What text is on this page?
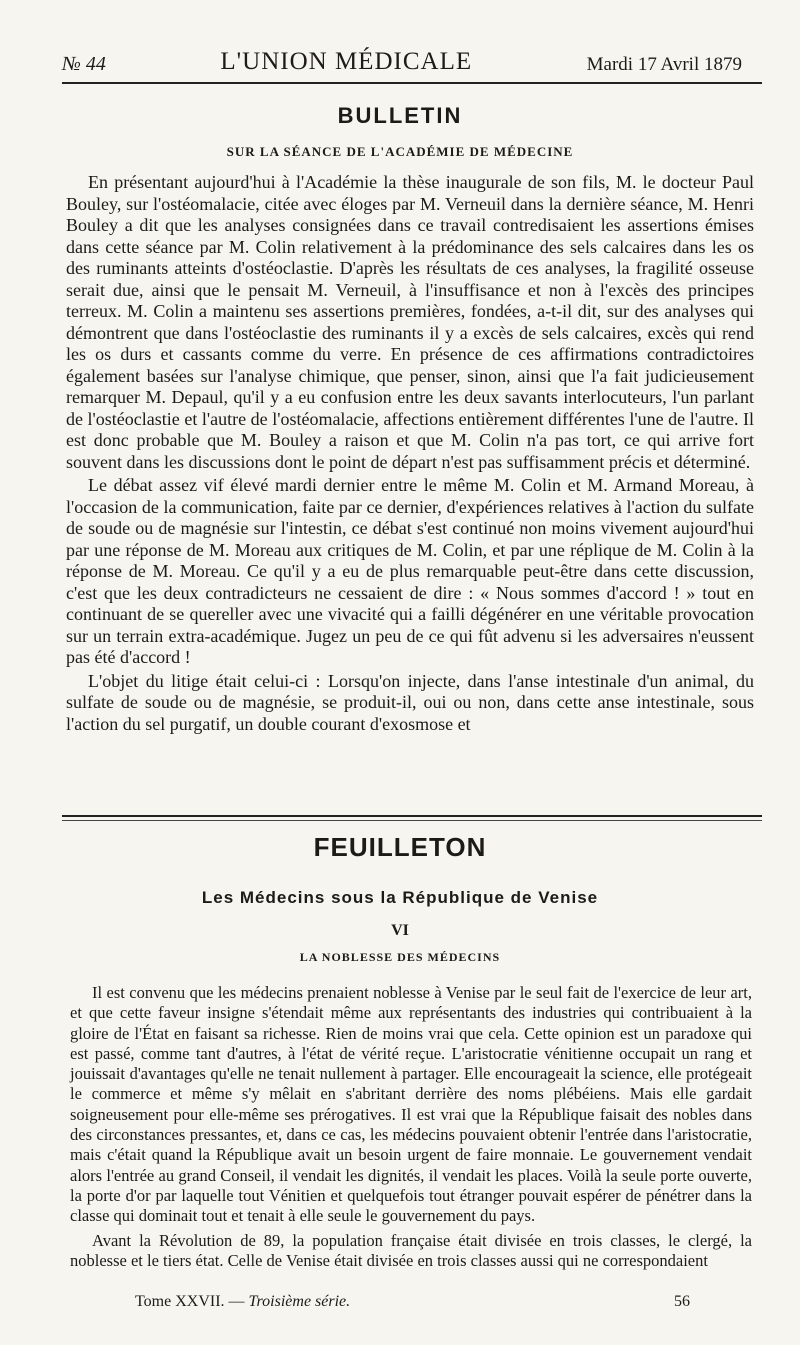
№ 44	L'UNION MÉDICALE	Mardi 17 Avril 1879
BULLETIN
SUR LA SÉANCE DE L'ACADÉMIE DE MÉDECINE

En présentant aujourd'hui à l'Académie la thèse inaugurale de son fils, M. le docteur Paul Bouley, sur l'ostéomalacie, citée avec éloges par M. Verneuil dans la dernière séance, M. Henri Bouley a dit que les analyses consignées dans ce travail contredisaient les assertions émises dans cette séance par M. Colin relativement à la prédominance des sels calcaires dans les os des ruminants atteints d'ostéoclastie. D'après les résultats de ces analyses, la fragilité osseuse serait due, ainsi que le pensait M. Verneuil, à l'insuffisance et non à l'excès des principes terreux. M. Colin a maintenu ses assertions premières, fondées, a-t-il dit, sur des analyses qui démontrent que dans l'ostéoclastie des ruminants il y a excès de sels calcaires, excès qui rend les os durs et cassants comme du verre. En présence de ces affirmations contradictoires également basées sur l'analyse chimique, que penser, sinon, ainsi que l'a fait judicieusement remarquer M. Depaul, qu'il y a eu confusion entre les deux savants interlocuteurs, l'un parlant de l'ostéoclastie et l'autre de l'ostéomalacie, affections entièrement différentes l'une de l'autre. Il est donc probable que M. Bouley a raison et que M. Colin n'a pas tort, ce qui arrive fort souvent dans les discussions dont le point de départ n'est pas suffisamment précis et déterminé.

Le débat assez vif élevé mardi dernier entre le même M. Colin et M. Armand Moreau, à l'occasion de la communication, faite par ce dernier, d'expériences relatives à l'action du sulfate de soude ou de magnésie sur l'intestin, ce débat s'est continué non moins vivement aujourd'hui par une réponse de M. Moreau aux critiques de M. Colin, et par une réplique de M. Colin à la réponse de M. Moreau. Ce qu'il y a eu de plus remarquable peut-être dans cette discussion, c'est que les deux contradicteurs ne cessaient de dire : « Nous sommes d'accord ! » tout en continuant de se quereller avec une vivacité qui a failli dégénérer en une véritable provocation sur un terrain extra-académique. Jugez un peu de ce qui fût advenu si les adversaires n'eussent pas été d'accord !

L'objet du litige était celui-ci : Lorsqu'on injecte, dans l'anse intestinale d'un animal, du sulfate de soude ou de magnésie, se produit-il, oui ou non, dans cette anse intestinale, sous l'action du sel purgatif, un double courant d'exosmose et

FEUILLETON
Les Médecins sous la République de Venise
VI
LA NOBLESSE DES MÉDECINS

Il est convenu que les médecins prenaient noblesse à Venise par le seul fait de l'exercice de leur art, et que cette faveur insigne s'étendait même aux représentants des industries qui contribuaient à la gloire de l'État en faisant sa richesse. Rien de moins vrai que cela. Cette opinion est un paradoxe qui est passé, comme tant d'autres, à l'état de vérité reçue. L'aristocratie vénitienne occupait un rang et jouissait d'avantages qu'elle ne tenait nullement à partager. Elle encourageait la science, elle protégeait le commerce et même s'y mêlait en s'abritant derrière des noms plébéiens. Mais elle gardait soigneusement pour elle-même ses prérogatives. Il est vrai que la République faisait des nobles dans des circonstances pressantes, et, dans ce cas, les médecins pouvaient obtenir l'entrée dans l'aristocratie, mais c'était quand la République avait un besoin urgent de faire monnaie. Le gouvernement vendait alors l'entrée au grand Conseil, il vendait les dignités, il vendait les places. Voilà la seule porte ouverte, la porte d'or par laquelle tout Vénitien et quelquefois tout étranger pouvait espérer de pénétrer dans la classe qui dominait tout et tenait à elle seule le gouvernement du pays.

Avant la Révolution de 89, la population française était divisée en trois classes, le clergé, la noblesse et le tiers état. Celle de Venise était divisée en trois classes aussi qui ne correspondaient

Tome XXVII. — Troisième série.	56
